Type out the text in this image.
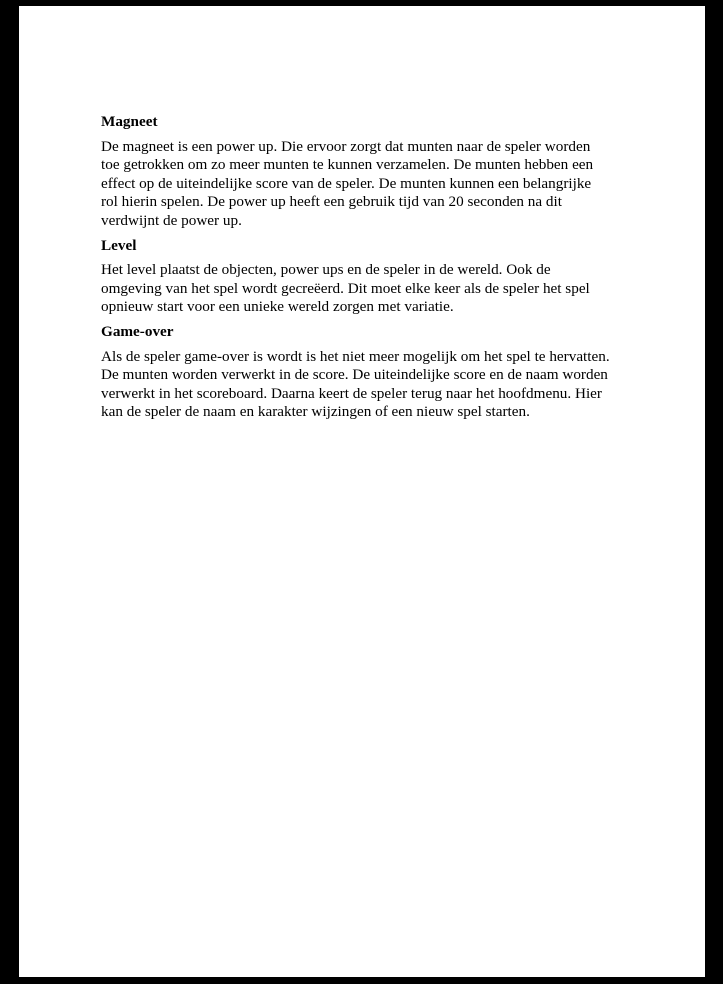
Magneet
De magneet is een power up. Die ervoor zorgt dat munten naar de speler worden
toe getrokken om zo meer munten te kunnen verzamelen. De munten hebben een
effect op de uiteindelijke score van de speler. De munten kunnen een belangrijke
rol hierin spelen. De power up heeft een gebruik tijd van 20 seconden na dit
verdwijnt de power up.
Level
Het level plaatst de objecten, power ups en de speler in de wereld. Ook de
omgeving van het spel wordt gecreëerd. Dit moet elke keer als de speler het spel
opnieuw start voor een unieke wereld zorgen met variatie.
Game-over
Als de speler game-over is wordt is het niet meer mogelijk om het spel te hervatten.
De munten worden verwerkt in de score. De uiteindelijke score en de naam worden
verwerkt in het scoreboard. Daarna keert de speler terug naar het hoofdmenu. Hier
kan de speler de naam en karakter wijzingen of een nieuw spel starten.
